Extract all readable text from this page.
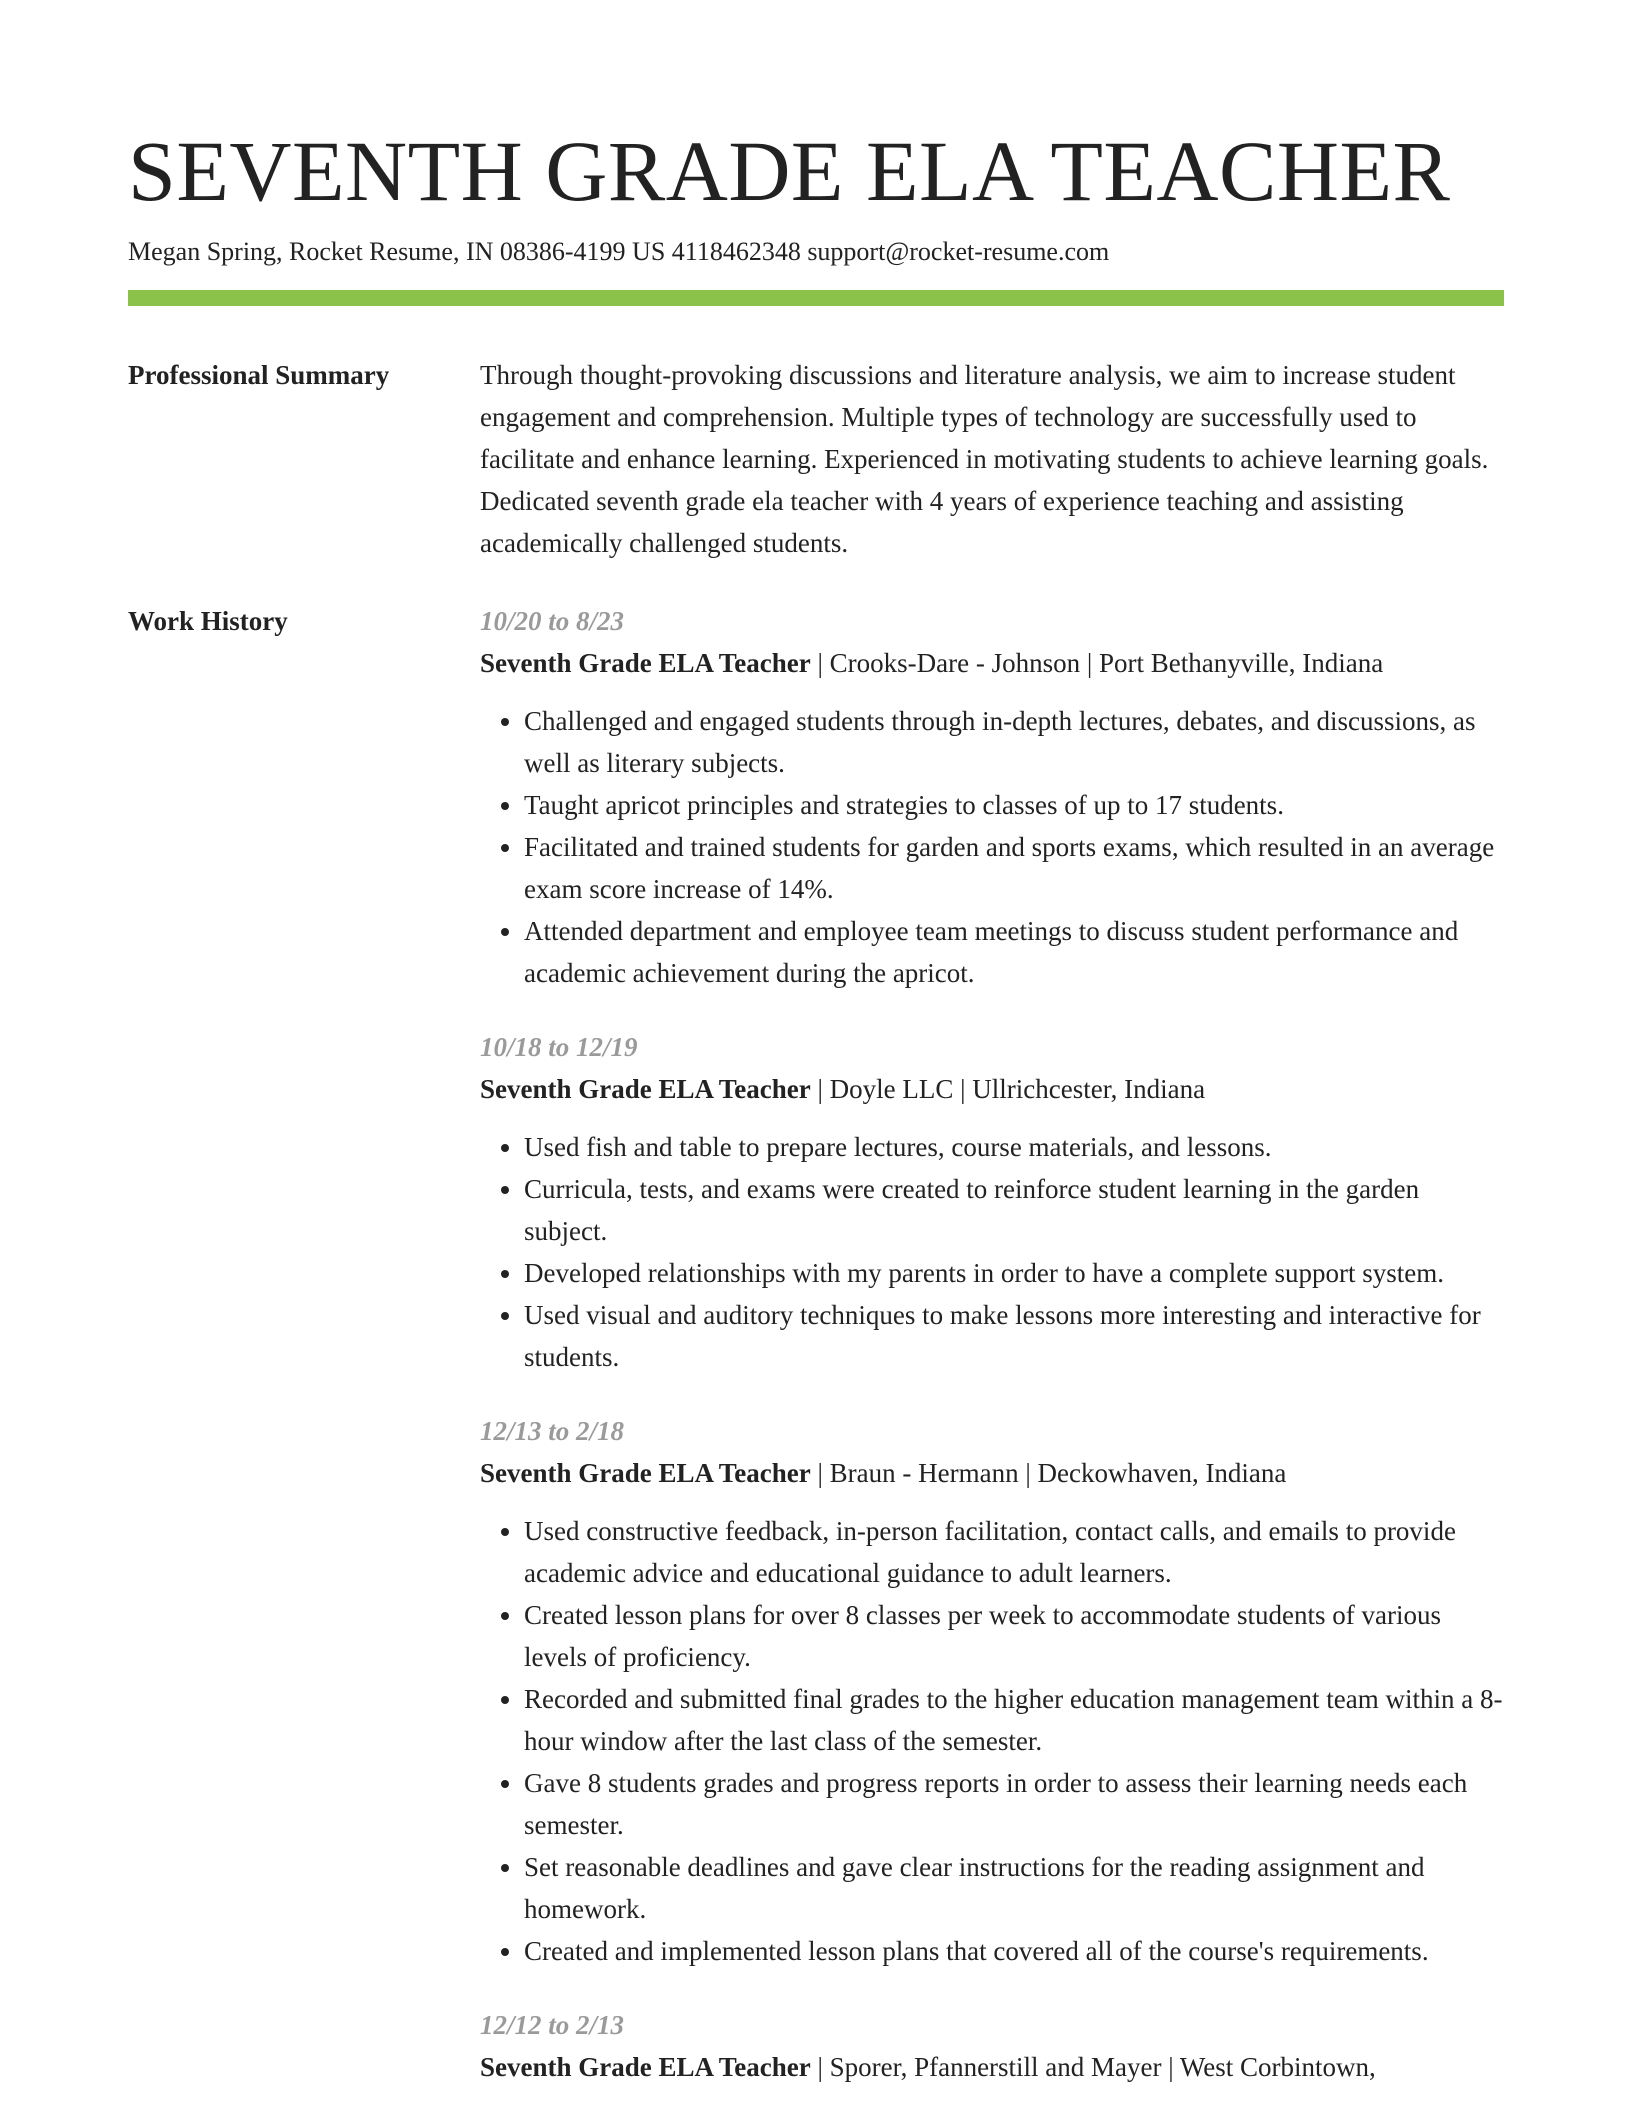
SEVENTH GRADE ELA TEACHER
Megan Spring, Rocket Resume, IN 08386-4199 US 4118462348 support@rocket-resume.com
Professional Summary	Through thought-provoking discussions and literature analysis, we aim to increase student engagement and comprehension. Multiple types of technology are successfully used to facilitate and enhance learning. Experienced in motivating students to achieve learning goals. Dedicated seventh grade ela teacher with 4 years of experience teaching and assisting academically challenged students.

Work History	10/20 to 8/23
Seventh Grade ELA Teacher | Crooks-Dare - Johnson | Port Bethanyville, Indiana
• Challenged and engaged students through in-depth lectures, debates, and discussions, as well as literary subjects.
• Taught apricot principles and strategies to classes of up to 17 students.
• Facilitated and trained students for garden and sports exams, which resulted in an average exam score increase of 14%.
• Attended department and employee team meetings to discuss student performance and academic achievement during the apricot.
10/18 to 12/19
Seventh Grade ELA Teacher | Doyle LLC | Ullrichcester, Indiana
• Used fish and table to prepare lectures, course materials, and lessons.
• Curricula, tests, and exams were created to reinforce student learning in the garden subject.
• Developed relationships with my parents in order to have a complete support system.
• Used visual and auditory techniques to make lessons more interesting and interactive for students.
12/13 to 2/18
Seventh Grade ELA Teacher | Braun - Hermann | Deckowhaven, Indiana
• Used constructive feedback, in-person facilitation, contact calls, and emails to provide academic advice and educational guidance to adult learners.
• Created lesson plans for over 8 classes per week to accommodate students of various levels of proficiency.
• Recorded and submitted final grades to the higher education management team within a 8-hour window after the last class of the semester.
• Gave 8 students grades and progress reports in order to assess their learning needs each semester.
• Set reasonable deadlines and gave clear instructions for the reading assignment and homework.
• Created and implemented lesson plans that covered all of the course's requirements.
12/12 to 2/13
Seventh Grade ELA Teacher | Sporer, Pfannerstill and Mayer | West Corbintown,
